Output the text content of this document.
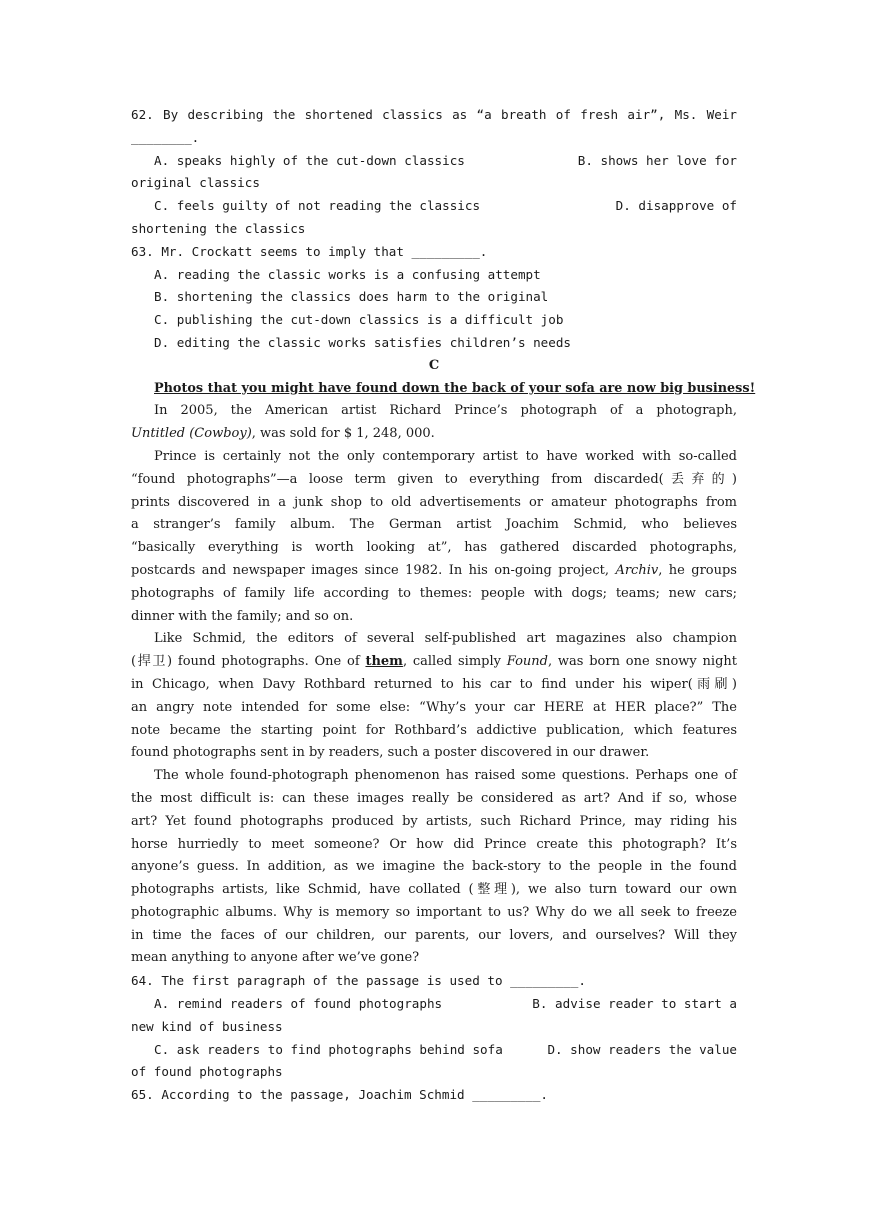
62. By describing the shortened classics as “a breath of fresh air”, Ms. Weir
________.
A. speaks highly of the cut-down classics	B. shows her love for
original classics
C. feels guilty of not reading the classics	D. disapprove of
shortening the classics
63. Mr. Crockatt seems to imply that _________.
A. reading the classic works is a confusing attempt
B. shortening the classics does harm to the original
C. publishing the cut-down classics is a difficult job
D. editing the classic works satisfies children’s needs
C
Photos that you might have found down the back of your sofa are now big business!
In 2005, the American artist Richard Prince’s photograph of a photograph,
Untitled (Cowboy), was sold for $ 1, 248, 000.
Prince is certainly not the only contemporary artist to have worked with so-called
“found photographs”—a loose term given to everything from discarded(丢弃的)
prints discovered in a junk shop to old advertisements or amateur photographs from
a stranger’s family album. The German artist Joachim Schmid, who believes
“basically everything is worth looking at”, has gathered discarded photographs,
postcards and newspaper images since 1982. In his on-going project, Archiv, he groups
photographs of family life according to themes: people with dogs; teams; new cars;
dinner with the family; and so on.
Like Schmid, the editors of several self-published art magazines also champion
(捍卫) found photographs. One of them, called simply Found, was born one snowy night
in Chicago, when Davy Rothbard returned to his car to find under his wiper(雨刷)
an angry note intended for some else: “Why’s your car HERE at HER place?” The
note became the starting point for Rothbard’s addictive publication, which features
found photographs sent in by readers, such a poster discovered in our drawer.
The whole found-photograph phenomenon has raised some questions. Perhaps one of
the most difficult is: can these images really be considered as art? And if so, whose
art? Yet found photographs produced by artists, such Richard Prince, may riding his
horse hurriedly to meet someone? Or how did Prince create this photograph? It’s
anyone’s guess. In addition, as we imagine the back-story to the people in the found
photographs artists, like Schmid, have collated (整理), we also turn toward our own
photographic albums. Why is memory so important to us? Why do we all seek to freeze
in time the faces of our children, our parents, our lovers, and ourselves? Will they
mean anything to anyone after we’ve gone?
64. The first paragraph of the passage is used to _________.
A. remind readers of found photographs	B. advise reader to start a
new kind of business
C. ask readers to find photographs behind sofa	D. show readers the value
of found photographs
65. According to the passage, Joachim Schmid _________.
